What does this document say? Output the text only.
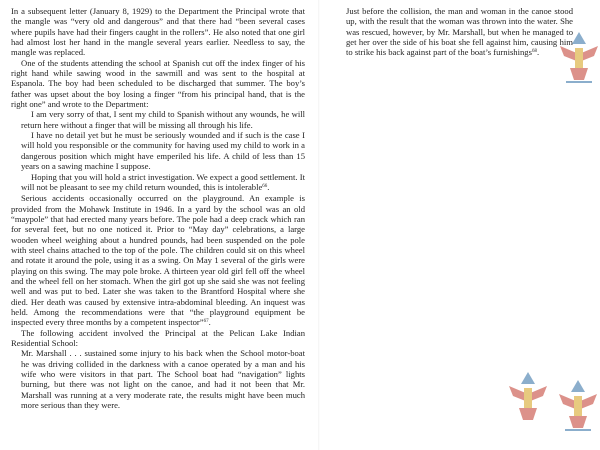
In a subsequent letter (January 8, 1929) to the Department the Principal wrote that the mangle was “very old and dangerous” and that there had “been several cases where pupils have had their fingers caught in the rollers”. He also noted that one girl had almost lost her hand in the mangle several years earlier. Needless to say, the mangle was replaced.

One of the students attending the school at Spanish cut off the index finger of his right hand while sawing wood in the sawmill and was sent to the hospital at Espanola. The boy had been scheduled to be discharged that summer. The boy’s father was upset about the boy losing a finger “from his principal hand, that is the right one” and wrote to the Department:

I am very sorry of that, I sent my child to Spanish without any wounds, he will return here without a finger that will be missing all through his life.

I have no detail yet but he must be seriously wounded and if such is the case I will hold you responsible or the community for having used my child to work in a dangerous position which might have emperiled his life. A child of less than 15 years on a sawing machine I suppose.

Hoping that you will hold a strict investigation. We expect a good settlement. It will not be pleasant to see my child return wounded, this is intolerable$^{66}$.

Serious accidents occasionally occurred on the playground. An example is provided from the Mohawk Institute in 1946. In a yard by the school was an old “maypole” that had erected many years before. The pole had a deep crack which ran for several feet, but no one noticed it. Prior to “May day” celebrations, a large wooden wheel weighing about a hundred pounds, had been suspended on the pole with steel chains attached to the top of the pole. The children could sit on this wheel and rotate it around the pole, using it as a swing. On May 1 several of the girls were playing on this swing. The may pole broke. A thirteen year old girl fell off the wheel and the wheel fell on her stomach. When the girl got up she said she was not feeling well and was put to bed. Later she was taken to the Brantford Hospital where she died. Her death was caused by extensive intra-abdominal bleeding. An inquest was held. Among the recommendations were that “the playground equipment be inspected every three months by a competent inspector”$^{67}$.

The following accident involved the Principal at the Pelican Lake Indian Residential School:

Mr. Marshall . . . sustained some injury to his back when the School motor-boat he was driving collided in the darkness with a canoe operated by a man and his wife who were visitors in that part. The School boat had “navigation” lights burning, but there was not light on the canoe, and had it not been that Mr. Marshall was running at a very moderate rate, the results might have been much more serious than they were.

Just before the collision, the man and woman in the canoe stood up, with the result that the woman was thrown into the water. She was rescued, however, by Mr. Marshall, but when he managed to get her over the side of his boat she fell against him, causing him to strike his back against part of the boat’s furnishings$^{68}$.
